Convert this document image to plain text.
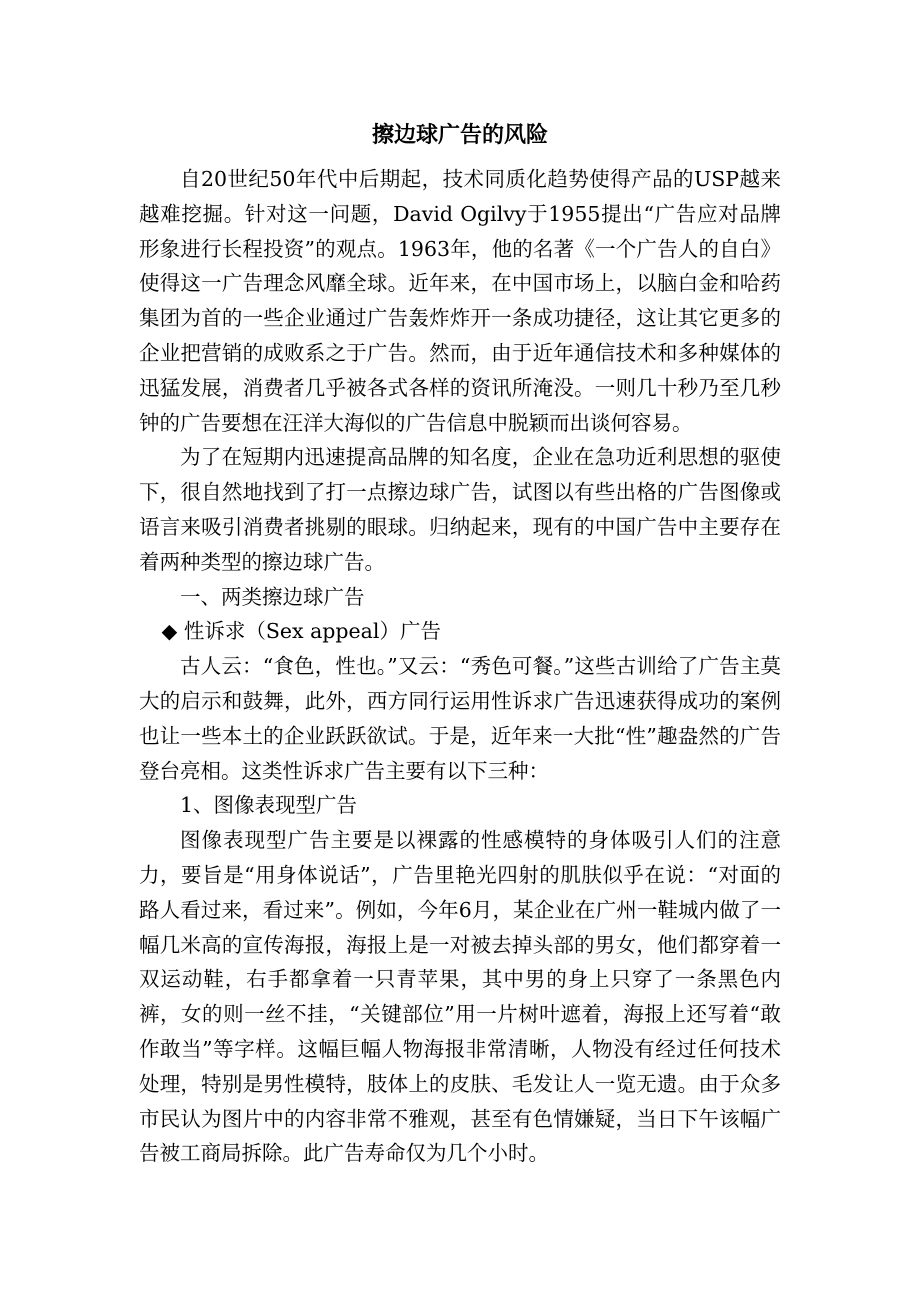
擦边球广告的风险

自20世纪50年代中后期起，技术同质化趋势使得产品的USP越来越难挖掘。针对这一问题，David Ogilvy于1955提出“广告应对品牌形象进行长程投资”的观点。1963年，他的名著《一个广告人的自白》使得这一广告理念风靡全球。近年来，在中国市场上，以脑白金和哈药集团为首的一些企业通过广告轰炸炸开一条成功捷径，这让其它更多的企业把营销的成败系之于广告。然而，由于近年通信技术和多种媒体的迅猛发展，消费者几乎被各式各样的资讯所淹没。一则几十秒乃至几秒钟的广告要想在汪洋大海似的广告信息中脱颖而出谈何容易。

为了在短期内迅速提高品牌的知名度，企业在急功近利思想的驱使下，很自然地找到了打一点擦边球广告，试图以有些出格的广告图像或语言来吸引消费者挑剔的眼球。归纳起来，现有的中国广告中主要存在着两种类型的擦边球广告。

一、两类擦边球广告

◆ 性诉求（Sex appeal）广告

古人云：“食色，性也。”又云：“秀色可餐。”这些古训给了广告主莫大的启示和鼓舞，此外，西方同行运用性诉求广告迅速获得成功的案例也让一些本土的企业跃跃欲试。于是，近年来一大批“性”趣盎然的广告登台亮相。这类性诉求广告主要有以下三种：

1、图像表现型广告

图像表现型广告主要是以裸露的性感模特的身体吸引人们的注意力，要旨是“用身体说话”，广告里艳光四射的肌肤似乎在说：“对面的路人看过来，看过来”。例如，今年6月，某企业在广州一鞋城内做了一幅几米高的宣传海报，海报上是一对被去掉头部的男女，他们都穿着一双运动鞋，右手都拿着一只青苹果，其中男的身上只穿了一条黑色内裤，女的则一丝不挂，“关键部位”用一片树叶遮着，海报上还写着“敢作敢当”等字样。这幅巨幅人物海报非常清晰，人物没有经过任何技术处理，特别是男性模特，肢体上的皮肤、毛发让人一览无遗。由于众多市民认为图片中的内容非常不雅观，甚至有色情嫌疑，当日下午该幅广告被工商局拆除。此广告寿命仅为几个小时。
